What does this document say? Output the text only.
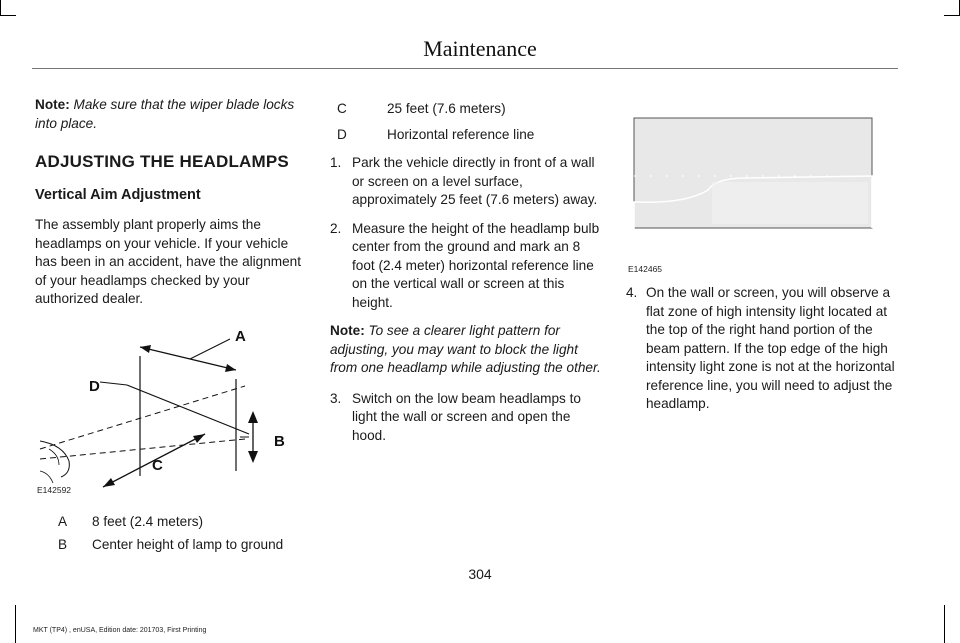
Maintenance

Note: Make sure that the wiper blade locks into place.

ADJUSTING THE HEADLAMPS
Vertical Aim Adjustment

The assembly plant properly aims the headlamps on your vehicle. If your vehicle has been in an accident, have the alignment of your headlamps checked by your authorized dealer.

A
D
B
C
E142592
A	8 feet (2.4 meters)
B	Center height of lamp to ground
C	25 feet (7.6 meters)
D	Horizontal reference line
1. Park the vehicle directly in front of a wall or screen on a level surface, approximately 25 feet (7.6 meters) away.
2. Measure the height of the headlamp bulb center from the ground and mark an 8 foot (2.4 meter) horizontal reference line on the vertical wall or screen at this height.

Note: To see a clearer light pattern for adjusting, you may want to block the light from one headlamp while adjusting the other.

3. Switch on the low beam headlamps to light the wall or screen and open the hood.
E142465
4. On the wall or screen, you will observe a flat zone of high intensity light located at the top of the right hand portion of the beam pattern. If the top edge of the high intensity light zone is not at the horizontal reference line, you will need to adjust the headlamp.
304
MKT (TP4) , enUSA, Edition date: 201703, First Printing
